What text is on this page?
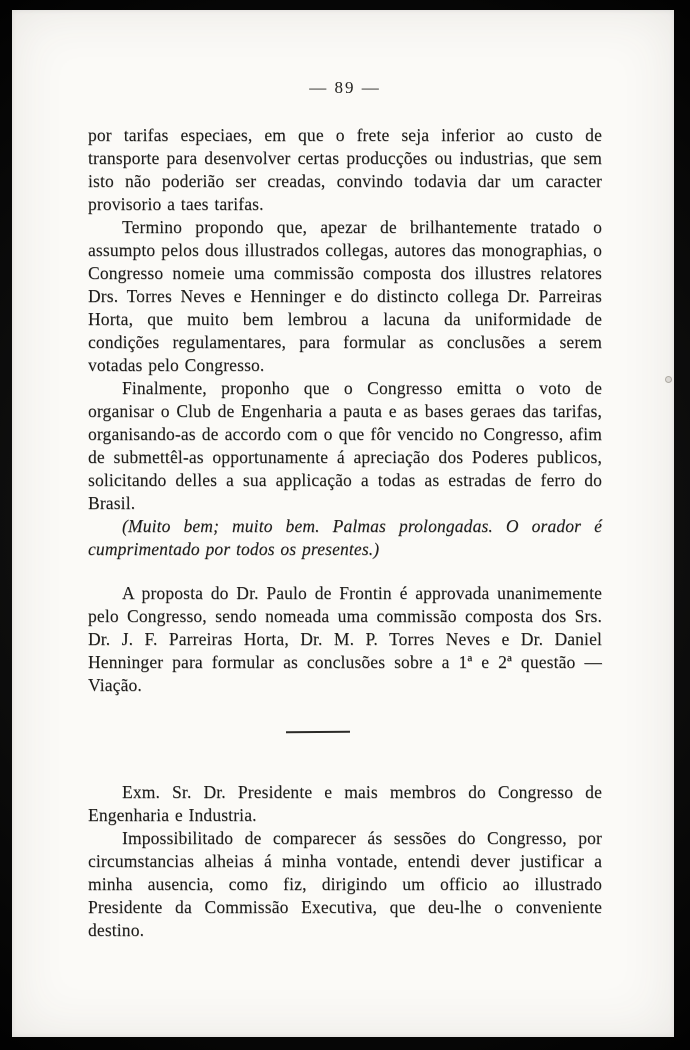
— 89 —

por tarifas especiaes, em que o frete seja inferior ao custo de transporte para desenvolver certas producções ou industrias, que sem isto não poderião ser creadas, convindo todavia dar um caracter provisorio a taes tarifas.

Termino propondo que, apezar de brilhantemente tratado o assumpto pelos dous illustrados collegas, autores das monographias, o Congresso nomeie uma commissão composta dos illustres relatores Drs. Torres Neves e Henninger e do distincto collega Dr. Parreiras Horta, que muito bem lembrou a lacuna da uniformidade de condições regulamentares, para formular as conclusões a serem votadas pelo Congresso.

Finalmente, proponho que o Congresso emitta o voto de organisar o Club de Engenharia a pauta e as bases geraes das tarifas, organisando-as de accordo com o que fôr vencido no Congresso, afim de submettêl-as opportunamente á apreciação dos Poderes publicos, solicitando delles a sua applicação a todas as estradas de ferro do Brasil.

(Muito bem; muito bem. Palmas prolongadas. O orador é cumprimentado por todos os presentes.)

A proposta do Dr. Paulo de Frontin é approvada unanimemente pelo Congresso, sendo nomeada uma commissão composta dos Srs. Dr. J. F. Parreiras Horta, Dr. M. P. Torres Neves e Dr. Daniel Henninger para formular as conclusões sobre a 1ª e 2ª questão — Viação.

Exm. Sr. Dr. Presidente e mais membros do Congresso de Engenharia e Industria.

Impossibilitado de comparecer ás sessões do Congresso, por circumstancias alheias á minha vontade, entendi dever justificar a minha ausencia, como fiz, dirigindo um officio ao illustrado Presidente da Commissão Executiva, que deu-lhe o conveniente destino.
